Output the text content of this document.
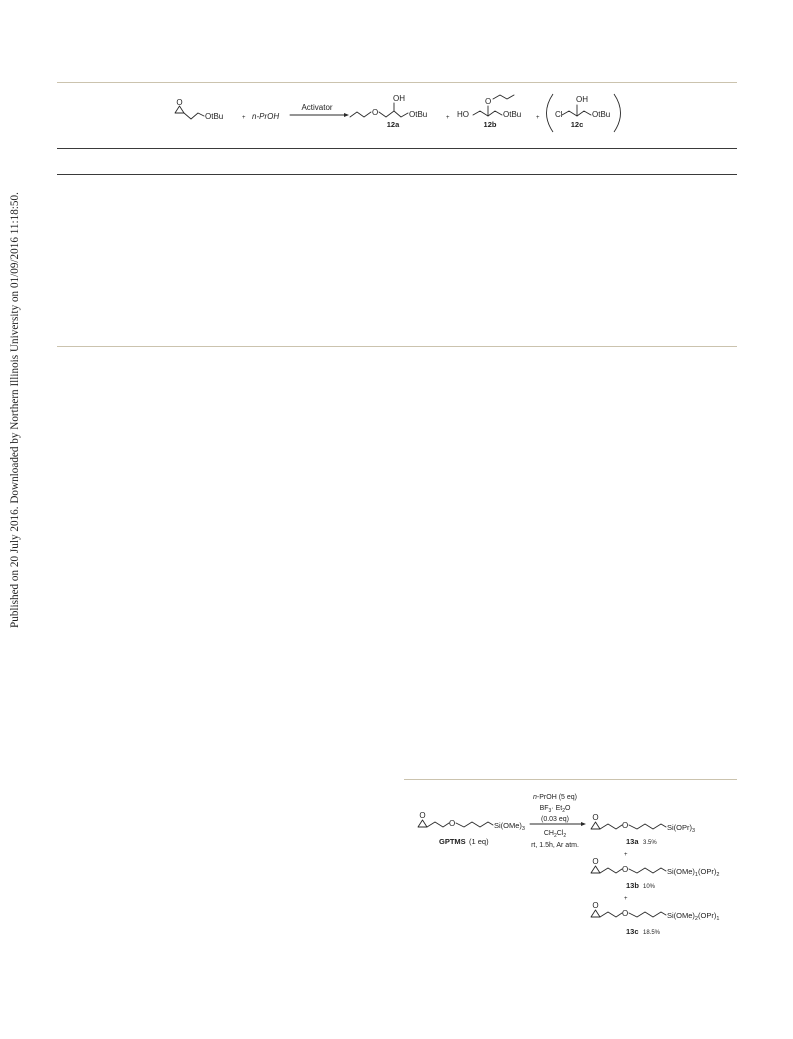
Published on 20 July 2016. Downloaded by Northern Illinois University on 01/09/2016 11:18:50.
O
OtBu	+ n-PrOH
Activator
O
OH
OtBu
12a
+ HO
O
OtBu
12b
+ Cl
OH
OtBu
12c
O
O	$Si(OMe)_3$
GPTMS (1 eq)
n-PrOH (5 eq)
$BF_3\cdot Et_2O$
(0.03 eq)
$CH_2Cl_2$
rt, 1.5h, Ar atm.
O
O	$Si(OPr)_3$
13a 3.5%
+
O
O	$Si(OMe)_1(OPr)_2$
13b 10%
+
O
O	$Si(OMe)_2(OPr)_1$
13c 18.5%
